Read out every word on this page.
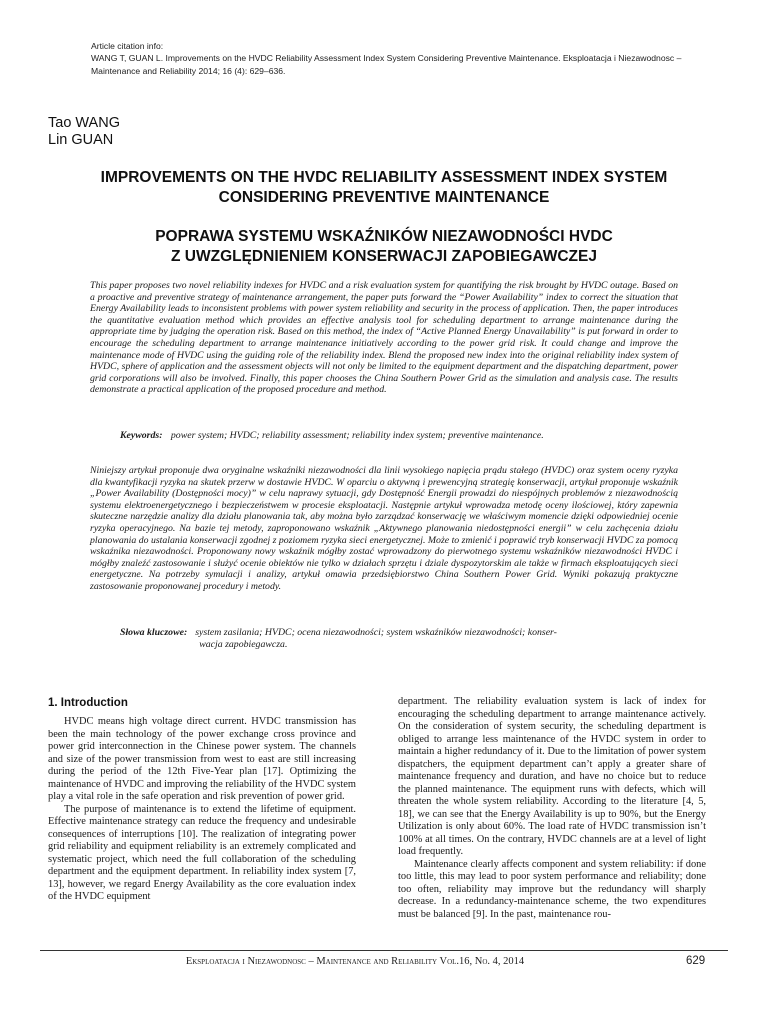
Article citation info:
WANG T, GUAN L. Improvements on the HVDC Reliability Assessment Index System Considering Preventive Maintenance. Eksploatacja i Niezawodnosc – Maintenance and Reliability 2014; 16 (4): 629–636.
Tao WANG
Lin GUAN
IMPROVEMENTS ON THE HVDC RELIABILITY ASSESSMENT INDEX SYSTEM
CONSIDERING PREVENTIVE MAINTENANCE
POPRAWA SYSTEMU WSKAŹNIKÓW NIEZAWODNOŚCI HVDC
Z UWZGLĘDNIENIEM KONSERWACJI ZAPOBIEGAWCZEJ
This paper proposes two novel reliability indexes for HVDC and a risk evaluation system for quantifying the risk brought by HVDC outage. Based on a proactive and preventive strategy of maintenance arrangement, the paper puts forward the “Power Availability” index to correct the situation that Energy Availability leads to inconsistent problems with power system reliability and security in the process of application. Then, the paper introduces the quantitative evaluation method which provides an effective analysis tool for scheduling department to arrange maintenance during the appropriate time by judging the operation risk. Based on this method, the index of “Active Planned Energy Unavailability” is put forward in order to encourage the scheduling department to arrange maintenance initiatively according to the power grid risk. It could change and improve the maintenance mode of HVDC using the guiding role of the reliability index. Blend the proposed new index into the original reliability index system of HVDC, sphere of application and the assessment objects will not only be limited to the equipment department and the dispatching department, power grid corporations will also be involved. Finally, this paper chooses the China Southern Power Grid as the simulation and analysis case. The results demonstrate a practical application of the proposed procedure and method.
Keywords: power system; HVDC; reliability assessment; reliability index system; preventive maintenance.
Niniejszy artykuł proponuje dwa oryginalne wskaźniki niezawodności dla linii wysokiego napięcia prądu stałego (HVDC) oraz system oceny ryzyka dla kwantyfikacji ryzyka na skutek przerw w dostawie HVDC. W oparciu o aktywną i prewencyjną strategię konserwacji, artykuł proponuje wskaźnik „Power Availability (Dostępności mocy)” w celu naprawy sytuacji, gdy Dostępność Energii prowadzi do niespójnych problemów z niezawodnością systemu elektroenergetycznego i bezpieczeństwem w procesie eksploatacji. Następnie artykuł wprowadza metodę oceny ilościowej, który zapewnia skuteczne narzędzie analizy dla działu planowania tak, aby można było zarządzać konserwację we właściwym momencie dzięki odpowiedniej ocenie ryzyka operacyjnego. Na bazie tej metody, zaproponowano wskaźnik „Aktywnego planowania niedostępności energii” w celu zachęcenia działu planowania do ustalania konserwacji zgodnej z poziomem ryzyka sieci energetycznej. Może to zmienić i poprawić tryb konserwacji HVDC za pomocą wskaźnika niezawodności. Proponowany nowy wskaźnik mógłby zostać wprowadzony do pierwotnego systemu wskaźników niezawodności HVDC i mógłby znaleźć zastosowanie i służyć ocenie obiektów nie tylko w działach sprzętu i dziale dyspozytorskim ale także w firmach eksploatujących sieci energetyczne. Na potrzeby symulacji i analizy, artykuł omawia przedsiębiorstwo China Southern Power Grid. Wyniki pokazują praktyczne zastosowanie proponowanej procedury i metody.
Słowa kluczowe: system zasilania; HVDC; ocena niezawodności; system wskaźników niezawodności; konser-
wacja zapobiegawcza.
1. Introduction

HVDC means high voltage direct current. HVDC transmission has been the main technology of the power exchange cross province and power grid interconnection in the Chinese power system. The channels and size of the power transmission from west to east are still increasing during the period of the 12th Five-Year plan [17]. Optimizing the maintenance of HVDC and improving the reliability of the HVDC system play a vital role in the safe operation and risk prevention of power grid.

The purpose of maintenance is to extend the lifetime of equipment. Effective maintenance strategy can reduce the frequency and undesirable consequences of interruptions [10]. The realization of integrating power grid reliability and equipment reliability is an extremely complicated and systematic project, which need the full collaboration of the scheduling department and the equipment department. In reliability index system [7, 13], however, we regard Energy Availability as the core evaluation index of the HVDC equipment

department. The reliability evaluation system is lack of index for encouraging the scheduling department to arrange maintenance actively. On the consideration of system security, the scheduling department is obliged to arrange less maintenance of the HVDC system in order to maintain a higher redundancy of it. Due to the limitation of power system dispatchers, the equipment department can’t apply a greater share of maintenance frequency and duration, and have no choice but to reduce the planned maintenance. The equipment runs with defects, which will threaten the whole system reliability. According to the literature [4, 5, 18], we can see that the Energy Availability is up to 90%, but the Energy Utilization is only about 60%. The load rate of HVDC transmission isn’t 100% at all times. On the contrary, HVDC channels are at a level of light load frequently.

Maintenance clearly affects component and system reliability: if done too little, this may lead to poor system performance and reliability; done too often, reliability may improve but the redundancy will sharply decrease. In a redundancy-maintenance scheme, the two expenditures must be balanced [9]. In the past, maintenance rou-

Eksploatacja i Niezawodnosc – Maintenance and Reliability Vol.16, No. 4, 2014	629
